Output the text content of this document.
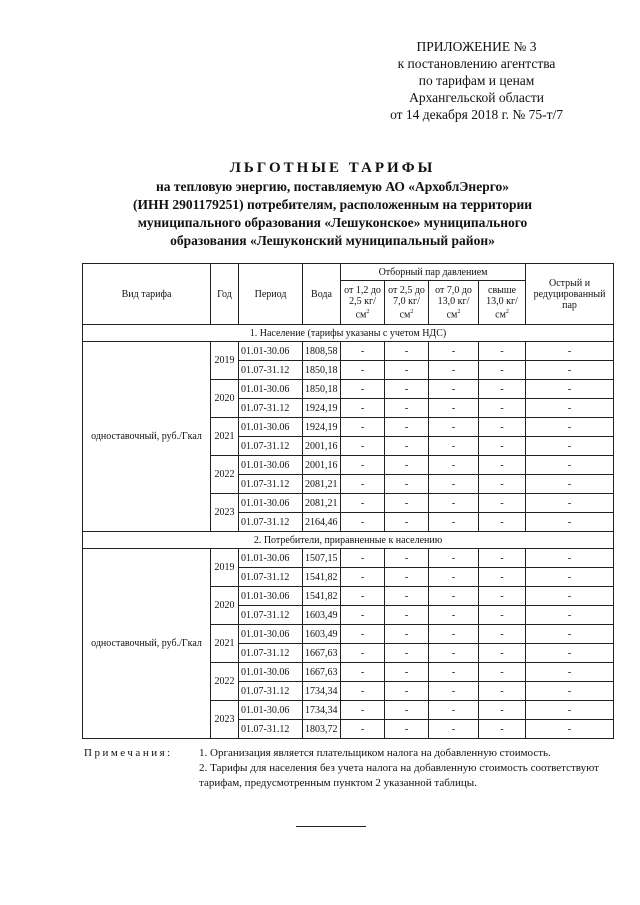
ПРИЛОЖЕНИЕ № 3
к постановлению агентства
по тарифам и ценам
Архангельской области
от 14 декабря 2018 г. № 75-т/7
ЛЬГОТНЫЕ ТАРИФЫ
на тепловую энергию, поставляемую АО «АрхоблЭнерго»
(ИНН 2901179251) потребителям, расположенным на территории
муниципального образования «Лешуконское» муниципального
образования «Лешуконский муниципальный район»
Вид тарифа	Год	Период	Вода	Отборный пар давлением				Острый и редуцированный пар
				от 1,2 до 2,5 $кг/см^2$	от 2,5 до 7,0 $кг/см^2$	от 7,0 до 13,0 $кг/см^2$	свыше 13,0 $кг/см^2$
1. Население (тарифы указаны с учетом НДС)								
одноставочный, руб./Гкал	2019	01.01-30.06	1808,58	-	-	-	-	-
		01.07-31.12	1850,18	-	-	-	-	-
	2020	01.01-30.06	1850,18	-	-	-	-	-
		01.07-31.12	1924,19	-	-	-	-	-
	2021	01.01-30.06	1924,19	-	-	-	-	-
		01.07-31.12	2001,16	-	-	-	-	-
	2022	01.01-30.06	2001,16	-	-	-	-	-
		01.07-31.12	2081,21	-	-	-	-	-
	2023	01.01-30.06	2081,21	-	-	-	-	-
		01.07-31.12	2164,46	-	-	-	-	-
2. Потребители, приравненные к населению								
одноставочный, руб./Гкал	2019	01.01-30.06	1507,15	-	-	-	-	-
		01.07-31.12	1541,82	-	-	-	-	-
	2020	01.01-30.06	1541,82	-	-	-	-	-
		01.07-31.12	1603,49	-	-	-	-	-
	2021	01.01-30.06	1603,49	-	-	-	-	-
		01.07-31.12	1667,63	-	-	-	-	-
	2022	01.01-30.06	1667,63	-	-	-	-	-
		01.07-31.12	1734,34	-	-	-	-	-
	2023	01.01-30.06	1734,34	-	-	-	-	-
		01.07-31.12	1803,72	-	-	-	-	-
Примечания: 1. Организация является плательщиком налога на добавленную стоимость.
2. Тарифы для населения без учета налога на добавленную стоимость соответствуют тарифам, предусмотренным пунктом 2 указанной таблицы.
